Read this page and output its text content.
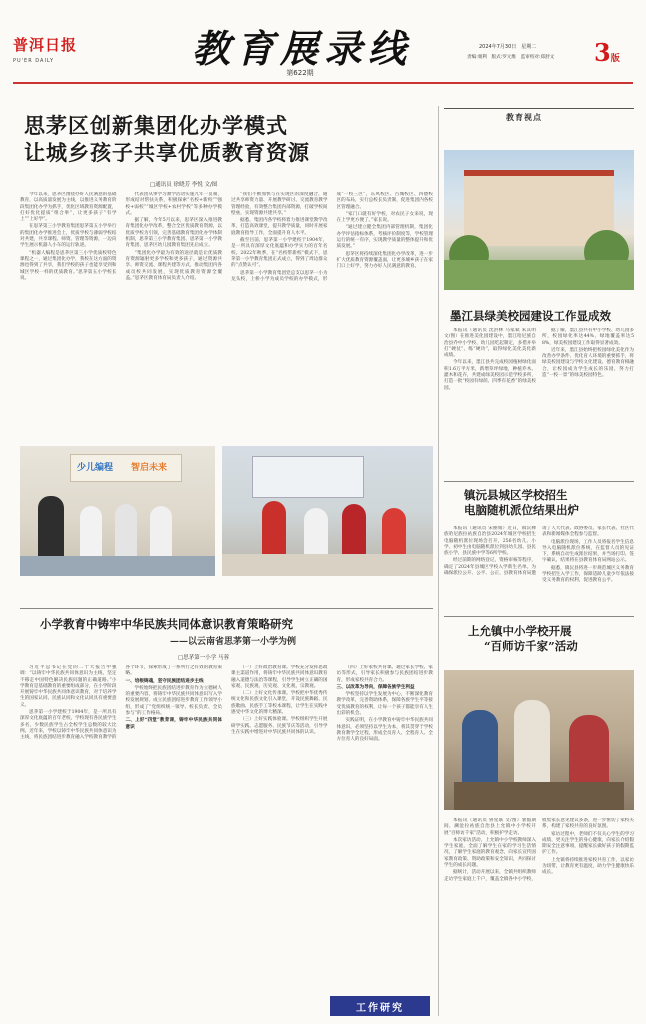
普洱日报
PU'ER DAILY	教育展录线
第622期
2024年7月30日　星期二
责编:栗利　版式:罗元维　监审校对:郑舒文 3版
思茅区创新集团化办学模式
让城乡孩子共享优质教育资源
□通讯员 徐晓芳 李悦 文/图

今年以来，思茅区围绕办好人民满意的基础教育，以高质量发展为主线，以推进义务教育阶段集团化办学为抓手，优化区域教育资源配置，打好优化提质“组合拳”，让更多孩子“有学上”“上好学”。

在思茅第三小学教育集团思茅第五小学举行的集团化办学推进会上，优质学校与薄弱学校结对共建，共享课程、师资、管理等资源，一边向学生展示机器人小车的运行轨迹。

“机器人编程是思茅区第三小学优质校特色课程之一，通过集团化办学，我校在这方面的资源也得到了共享，我们学校的孩子也能享受到和城区学校一样的优质教育。”思茅第五小学校长说。

代表团从事学习教学活动实施九年一贯制，形成结对帮扶关系，积极探索“名校+新校”“强校+弱校”“城区学校+农村学校”等多种办学模式。

据了解，今年5月以来，思茅区深入推进教育集团化办学改革，整合全区优质教育资源，以优质学校为引领，完善基础教育集团化办学体制机制，思茅第三小学教育集团、思茅第一小学教育集团、思茅区幼儿园教育集团先后成立。

“集团化办学最为有效的途径就是让优质教育资源辐射更多学校和更多孩子，通过资源共享、师资交流、课程共建等方式，推动集团内各成员校共同发展，实现优质教育资源全覆盖。”思茅区教育体育局负责人介绍。

“我们不断加快与在实现区的深度融合，通过共享师资力量、开展教学研讨、交流教育教学管理经验，有效整合集团内部资源，打破学校间壁垒，实现资源共建共享。”

据悉，集团内各学校将着力推进课堂教学改革，打造高效课堂，提升教学质量，同时开展家庭教育指导工作，全面提升育人水平。

截至目前，思茅第一小学建校于1904年，是一所具有深厚文化底蕴和办学实力的百年名校。2022年秋季，在“名校带新校”模式下，思茅第一小学教育集团正式成立，得到了周边群众的“点赞认可”。

思茅第一小学教育集团党总支以思茅一小为龙头校，上桥小学为成员学校的办学模式，形成“一校三区”，东风校区、古城校区、四德校区的布局，实行总校长负责制，促进集团内各校区管理融合。

“家门口就有好学校，对农民子女来说，现在上学更方便了。”家长说。

“通过建立健全集团内部管理机制，集团化办学评估指标体系，考核评价制度等，学校管理运行的统一有序，实现教学质量的整体提升和优质发展。”

思茅区将持续深化集团化办学改革，进一步扩大优质教育资源覆盖面，让更多城乡孩子在家门口上好学，努力办好人民满意的教育。

少儿编程 智启未来
教育视点
墨江县绿美校园建设工作显成效

本报讯（通讯员 沈洪林 马家斌 朱其明 文/图）在推进美化园建设中，墨江哈尼族自治县乔中小学校、幼儿园吃起制定，多措并举打“硬仗”、练“硬功”，取得绿化美化美化新成绩。

今年以来，墨江县共完成校园植树绿化面积1.6万平方米，新增草坪绿地，种植乔木、灌木和花卉，共建成绿美校园示范学校多所，打造一批“校园有绿荫、四季有花香”的绿美校园。

据了解，墨江县共有中小学校、幼儿园多所，校园绿化率达44%，绿地覆盖率达58%，绿美校园建设工作取得显著成效。

近年来，墨江县始终把校园绿化美化作为改善办学条件、优化育人环境的重要抓手，将绿美校园建设与学校文化建设、德育教育相融合，让校园成为学生成长的乐园，努力打造“一校一景”的绿美校园特色。

镇沅县城区学校招生
电脑随机派位结果出炉

本报讯（通讯员 宋丽娟）近日，镇沅彝族哈尼族拉祜族自治县2024年城区学校招生电脑随机派位现场会召开，256名幼儿、小学、初中生由电脑随机派位到县幼儿园、县民族小学、县民族中学等6所学校。

经过前期的网络登记，资格审核等程序，确定了2024年县城区学校入学新生名单。为确保派位公开、公平、公正，县教育体育局邀请了人大代表、政协委员、家长代表、社区代表和新闻媒体全程参与监督。

电脑派位现场，工作人员将报名学生信息导入电脑随机派位系统，在监督人员的见证下，系统自动生成派位结果，并当场打印、签字确认，结果将在县教育体育局网站公示。

据悉，镇沅县将进一步规范城区义务教育学校招生入学工作，保障适龄儿童少年依法接受义务教育的权利，促进教育公平。

小学教育中铸牢中华民族共同体意识教育策略研究
——以云南省思茅第一小学为例
□思茅第一小学 马蓉

习近平总书记在党的二十大报告中强调：“以铸牢中华民族共同体意识为主线，坚定不移走中国特色解决民族问题的正确道路。”小学教育是基础教育的重要组成部分，在小学阶段开展铸牢中华民族共同体意识教育，对于培养学生的国家认同、民族认同和文化认同具有重要意义。

思茅第一小学建校于1904年，是一所具有深厚文化底蕴的百年老校，学校现有各民族学生多名，少数民族学生占全校学生总数的较大比例。近年来，学校以铸牢中华民族共同体意识为主线，将民族团结进步教育融入学校教育教学的各个环节，探索形成了一系列行之有效的教育策略。

一、培根铸魂，坚守民族团结进步主线

学校始终把民族团结进步教育作为立德树人的重要内容，将铸牢中华民族共同体意识写入学校发展规划，成立民族团结进步教育工作领导小组，形成了“党组织统一领导、校长负责、全员参与”的工作格局。

二、上好“四堂”教育课，铸牢中华民族共同体意识

（一）上好政治教育课。学校充分发挥思政课主渠道作用，将铸牢中华民族共同体意识教育融入道德与法治等课程，引导学生树立正确的国家观、民族观、历史观、文化观、宗教观。

（二）上好文化传承课。学校把中华优秀传统文化和民族文化引入课堂，开设民族舞蹈、民族歌曲、民族手工等校本课程，让学生在实践中感受中华文化的博大精深。

（三）上好实践体验课。学校组织学生开展研学实践、志愿服务、民族节庆等活动，引导学生在实践中增进对中华民族共同体的认识。

（四）上好家校共育课。通过家长学校、家访等形式，引导家长积极参与民族团结进步教育，形成家校共育合力。

三、以改革为导向，保障各族学生利益

学校坚持以学生发展为中心，不断深化教育教学改革，完善资助体系，保障各族学生平等接受优质教育的权利，让每一个孩子都能享有人生出彩的机会。

实践证明，在小学教育中铸牢中华民族共同体意识，必须坚持以学生为本，将其贯穿于学校教育教学全过程，形成全员育人、全程育人、全方位育人的良好局面。

工作研究
上允镇中小学校开展
“百师访千家”活动

本报讯（通讯员 鲁星联 文/图）暑假期间，澜沧拉祜族自治县上允镇中小学校开展“百师访千家”活动，积极护学走访。

本次家访活动，上允镇中小学校教师深入学生家庭，全面了解学生在家的学习生活情况，了解学生家庭的教育观念，向家长宣传国家教育政策、资助政策和安全知识，共同探讨学生的成长问题。

据统计，活动开展以来，全镇共组织教师走访学生家庭上千户，覆盖全镇各中小学校，收集家长意见建议多条，进一步密切了家校关系，构建了家校共育的良好氛围。

家访过程中，老师们不仅关心学生的学习成绩，更关注学生的身心健康，向家长介绍假期安全注意事项，提醒家长做好孩子的假期监护工作。

上允镇将持续推进家校共育工作，以家访为纽带，让教育更有温度，助力学生健康快乐成长。
